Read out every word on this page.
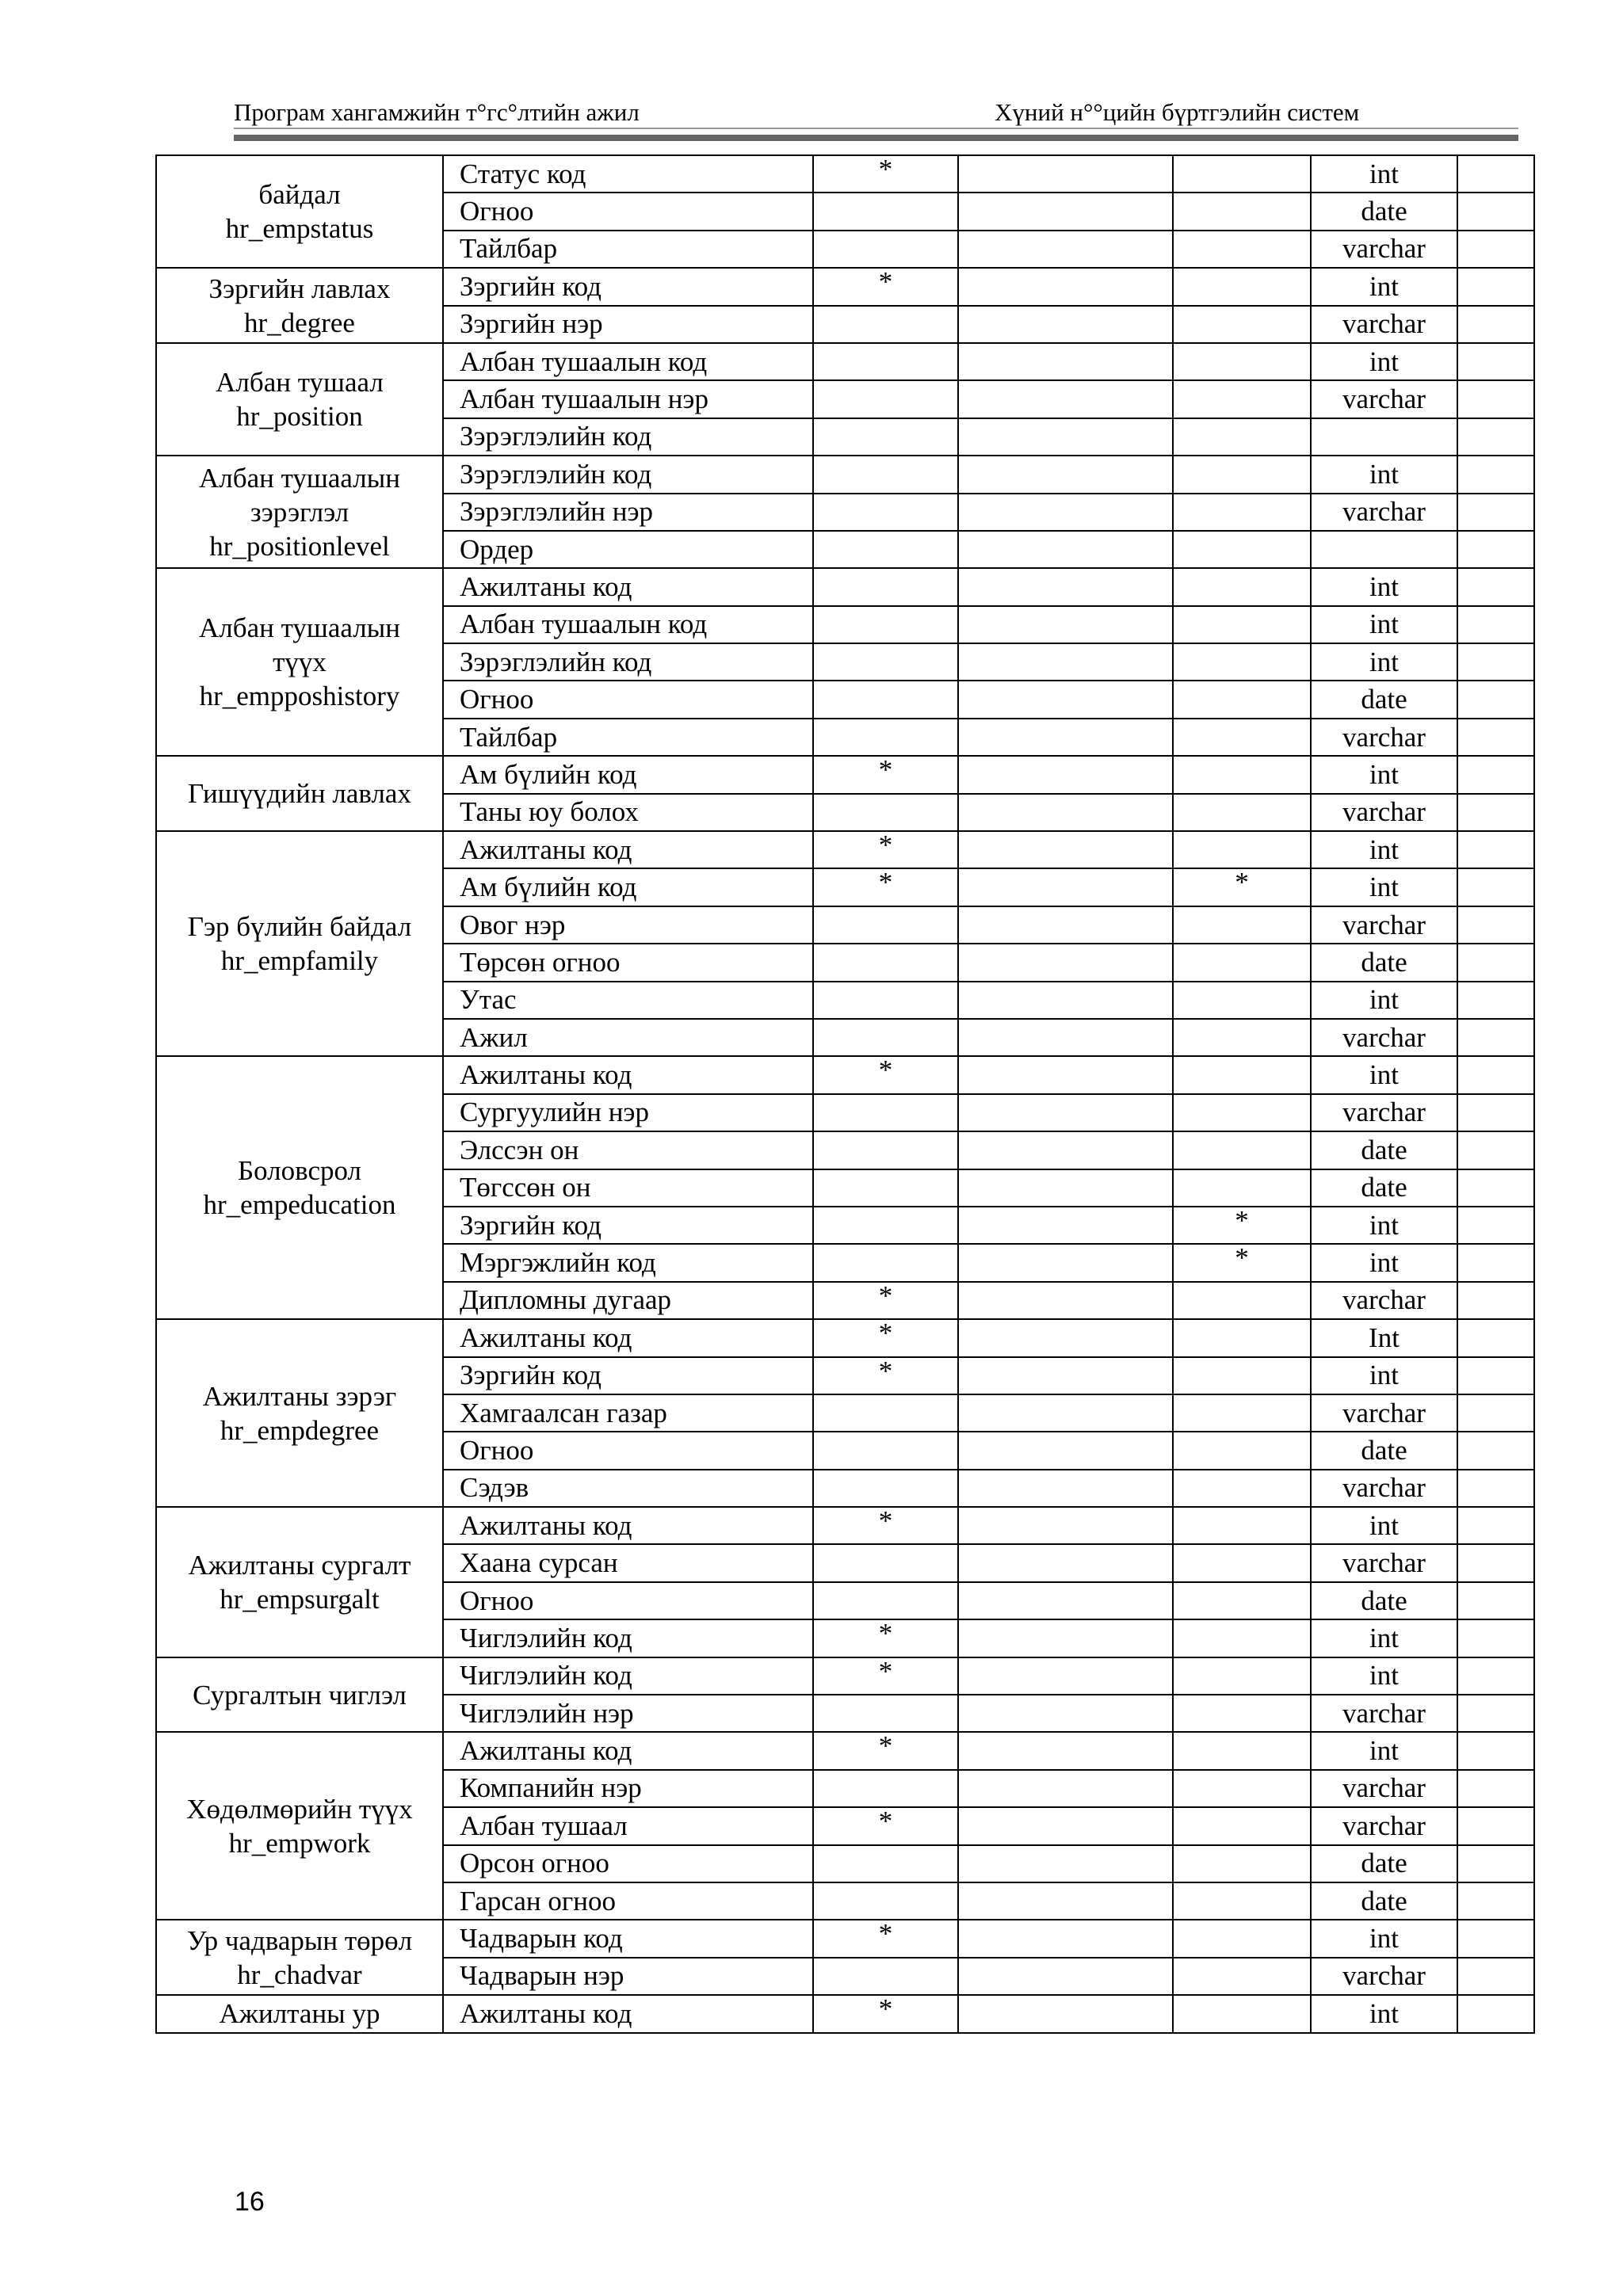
Програм хангамжийн т°гс°лтийн ажил	Хүний н°°цийн бүртгэлийн систем
байдал
hr_empstatus	Статус код	*			int	
	Огноо				date	
	Тайлбар				varchar	
Зэргийн лавлах
hr_degree	Зэргийн код	*			int	
	Зэргийн нэр				varchar	
Албан тушаал
hr_position	Албан тушаалын код				int	
	Албан тушаалын нэр				varchar	
	Зэрэглэлийн код					
Албан тушаалын
зэрэглэл
hr_positionlevel	Зэрэглэлийн код				int	
	Зэрэглэлийн нэр				varchar	
	Ордер					
Албан тушаалын
түүх
hr_empposhistory	Ажилтаны код				int	
	Албан тушаалын код				int	
	Зэрэглэлийн код				int	
	Огноо				date	
	Тайлбар				varchar	
Гишүүдийн лавлах	Ам бүлийн код	*			int	
	Таны юу болох				varchar	
Гэр бүлийн байдал
hr_empfamily	Ажилтаны код	*			int	
	Ам бүлийн код	*		*	int	
	Овог нэр				varchar	
	Төрсөн огноо				date	
	Утас				int	
	Ажил				varchar	
Боловсрол
hr_empeducation	Ажилтаны код	*			int	
	Сургуулийн нэр				varchar	
	Элссэн он				date	
	Төгссөн он				date	
	Зэргийн код			*	int	
	Мэргэжлийн код			*	int	
	Дипломны дугаар	*			varchar	
Ажилтаны зэрэг
hr_empdegree	Ажилтаны код	*			Int	
	Зэргийн код	*			int	
	Хамгаалсан газар				varchar	
	Огноо				date	
	Сэдэв				varchar	
Ажилтаны сургалт
hr_empsurgalt	Ажилтаны код	*			int	
	Хаана сурсан				varchar	
	Огноо				date	
	Чиглэлийн код	*			int	
Сургалтын чиглэл	Чиглэлийн код	*			int	
	Чиглэлийн нэр				varchar	
Хөдөлмөрийн түүх
hr_empwork	Ажилтаны код	*			int	
	Компанийн нэр				varchar	
	Албан тушаал	*			varchar	
	Орсон огноо				date	
	Гарсан огноо				date	
Ур чадварын төрөл
hr_chadvar	Чадварын код	*			int	
	Чадварын нэр				varchar	
Ажилтаны ур	Ажилтаны код	*			int	
16
